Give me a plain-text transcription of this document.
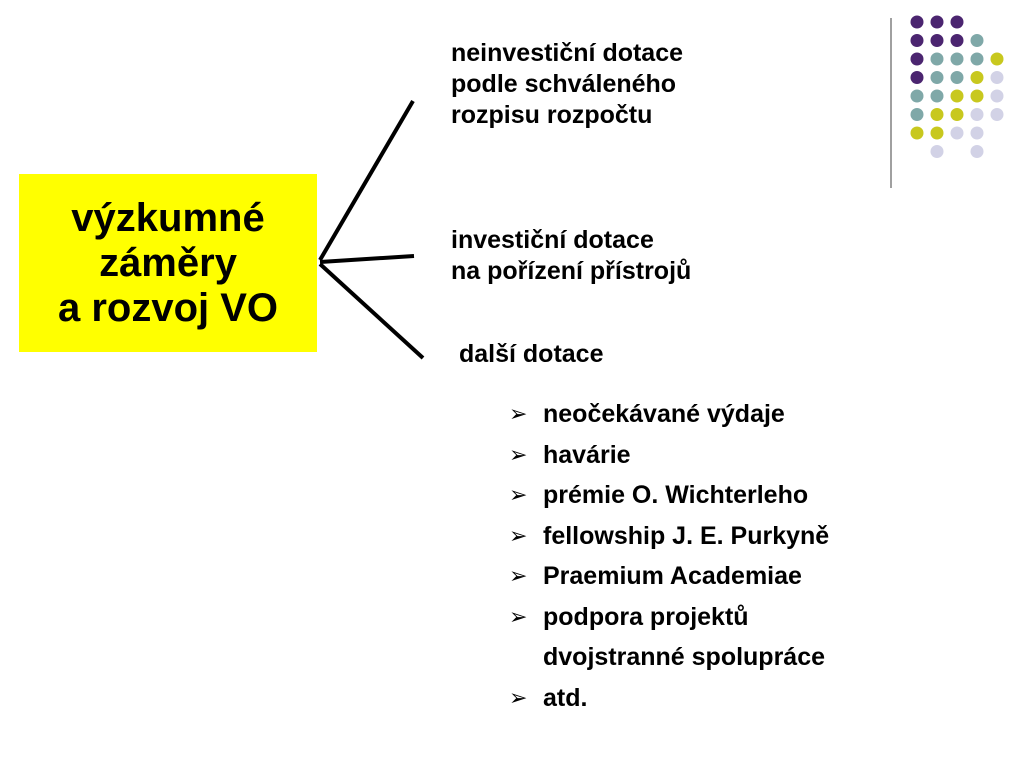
výzkumné
záměry
a rozvoj VO
neinvestiční dotace
podle schváleného
rozpisu rozpočtu
investiční dotace
na pořízení přístrojů
další dotace
➢ neočekávané výdaje
➢ havárie
➢ prémie O. Wichterleho
➢ fellowship J. E. Purkyně
➢ Praemium Academiae
➢ podpora projektů
dvojstranné spolupráce
➢ atd.
